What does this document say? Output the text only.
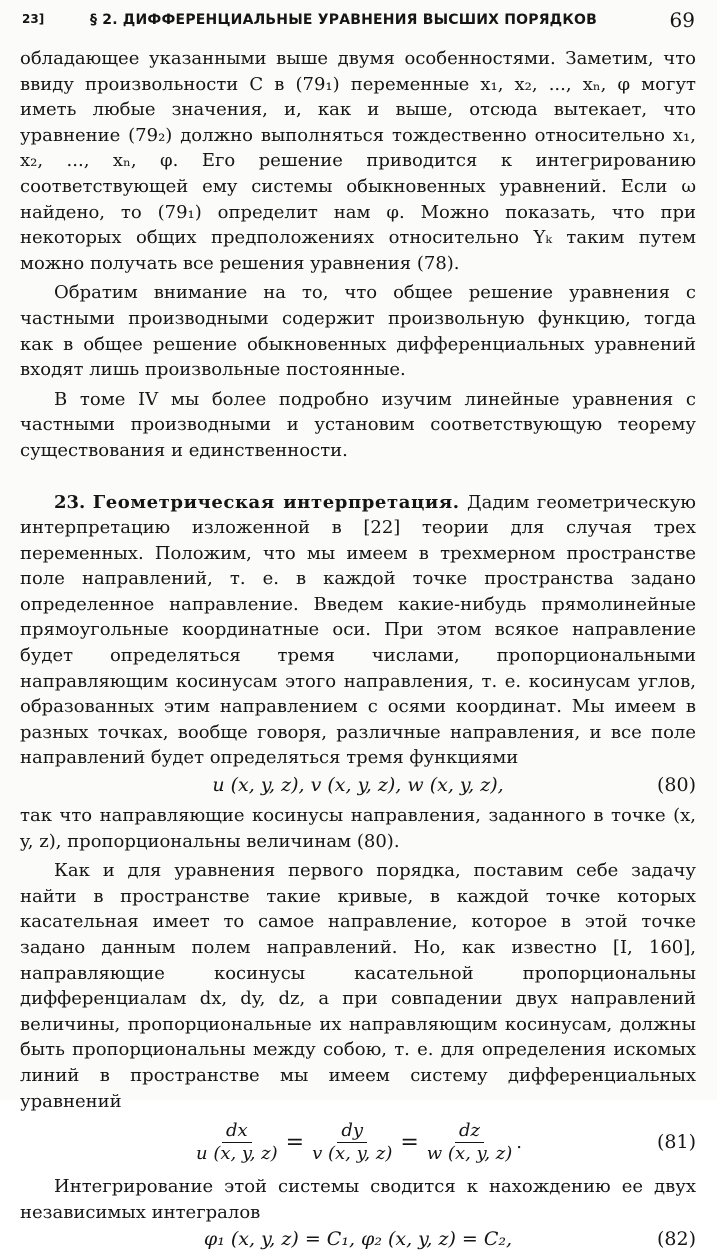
23]	§ 2. ДИФФЕРЕНЦИАЛЬНЫЕ УРАВНЕНИЯ ВЫСШИХ ПОРЯДКОВ	69

обладающее указанными выше двумя особенностями. Заметим, что ввиду произвольности C в (79₁) переменные x₁, x₂, ..., xₙ, φ могут иметь любые значения, и, как и выше, отсюда вытекает, что уравнение (79₂) должно выполняться тождественно относительно x₁, x₂, ..., xₙ, φ. Его решение приводится к интегрированию соответствующей ему системы обыкновенных уравнений. Если ω найдено, то (79₁) определит нам φ. Можно показать, что при некоторых общих предположениях относительно Yₖ таким путем можно получать все решения уравнения (78).

Обратим внимание на то, что общее решение уравнения с частными производными содержит произвольную функцию, тогда как в общее решение обыкновенных дифференциальных уравнений входят лишь произвольные постоянные.

В томе IV мы более подробно изучим линейные уравнения с частными производными и установим соответствующую теорему существования и единственности.

23. Геометрическая интерпретация. Дадим геометрическую интерпретацию изложенной в [22] теории для случая трех переменных. Положим, что мы имеем в трехмерном пространстве поле направлений, т. е. в каждой точке пространства задано определенное направление. Введем какие-нибудь прямолинейные прямоугольные координатные оси. При этом всякое направление будет определяться тремя числами, пропорциональными направляющим косинусам этого направления, т. е. косинусам углов, образованных этим направлением с осями координат. Мы имеем в разных точках, вообще говоря, различные направления, и все поле направлений будет определяться тремя функциями

u (x, y, z), v (x, y, z), w (x, y, z),	(80)

так что направляющие косинусы направления, заданного в точке (x, y, z), пропорциональны величинам (80).

Как и для уравнения первого порядка, поставим себе задачу найти в пространстве такие кривые, в каждой точке которых касательная имеет то самое направление, которое в этой точке задано данным полем направлений. Но, как известно [I, 160], направляющие косинусы касательной пропорциональны дифференциалам dx, dy, dz, а при совпадении двух направлений величины, пропорциональные их направляющим косинусам, должны быть пропорциональны между собою, т. е. для определения искомых линий в пространстве мы имеем систему дифференциальных уравнений

$\frac{dx}{u (x, y, z)} = \frac{dy}{v (x, y, z)} = \frac{dz}{w (x, y, z)}$ .	(81)

Интегрирование этой системы сводится к нахождению ее двух независимых интегралов

φ₁ (x, y, z) = C₁, φ₂ (x, y, z) = C₂,	(82)
